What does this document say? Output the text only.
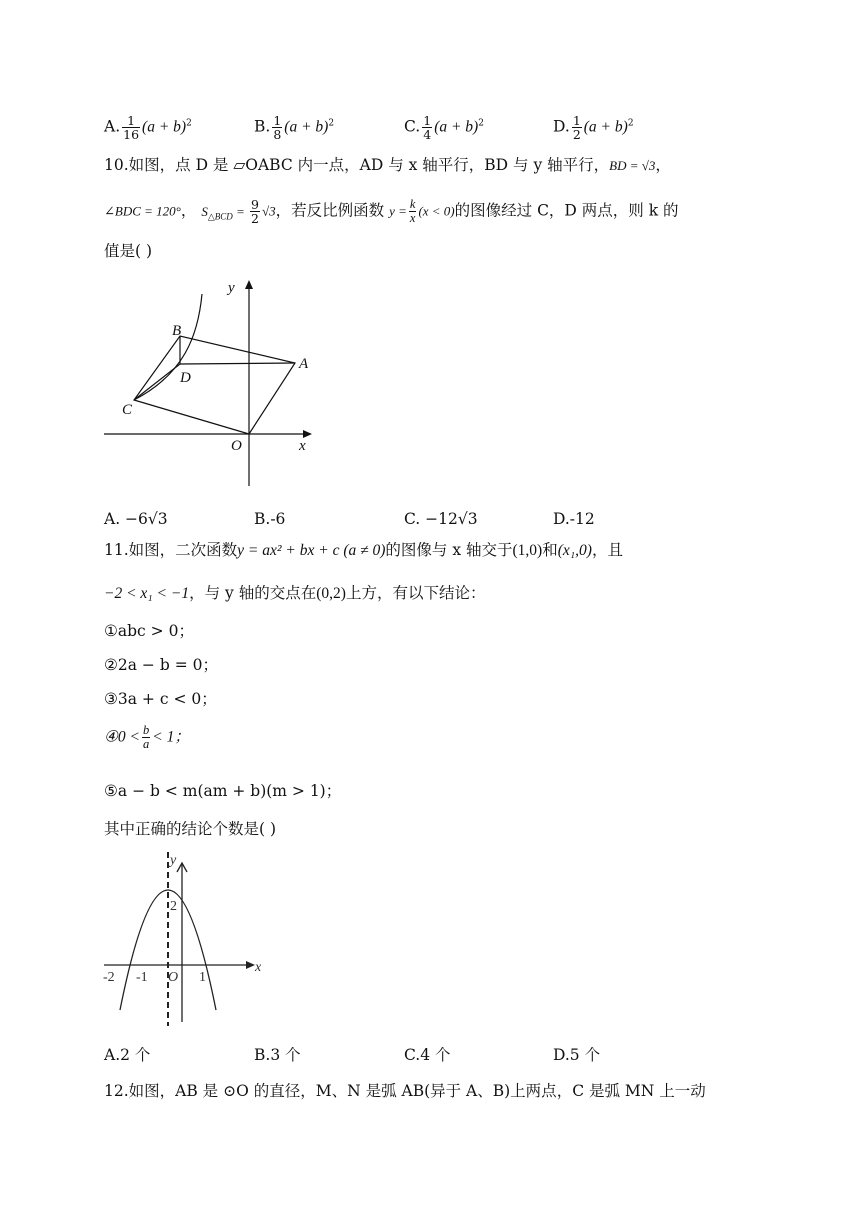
A. $\frac{1}{16} (a + b)^2$	B. $\frac{1}{8} (a + b)^2$	C. $\frac{1}{4} (a + b)^2$	D. $\frac{1}{2} (a + b)^2$
10.如图，点 D 是 ▱OABC 内一点，AD 与 x 轴平行，BD 与 y 轴平行，BD = √3，
∠BDC = 120°， $S_{\triangle BCD} = \frac{9}{2} √3$，若反比例函数 $y = \frac{k}{x} (x < 0)$的图像经过 C，D 两点，则 k 的
值是( )
y
B
D
A
C
O	x
A. −6√3	B.-6	C. −12√3	D.-12
11.如图，二次函数y = ax² + bx + c (a ≠ 0)的图像与 x 轴交于(1,0)和(x₁,0)，且
−2 < x₁ < −1，与 y 轴的交点在(0,2)上方，有以下结论：
①abc > 0；
②2a − b = 0；
③3a + c < 0；
④0 < $\frac{b}{a} < 1$；
⑤a − b < m(am + b)(m > 1)；
其中正确的结论个数是( )
y
2
-2 -1 O 1
x
A.2 个	B.3 个	C.4 个	D.5 个
12.如图，AB 是 ⊙O 的直径，M、N 是弧 AB(异于 A、B)上两点，C 是弧 MN 上一动
